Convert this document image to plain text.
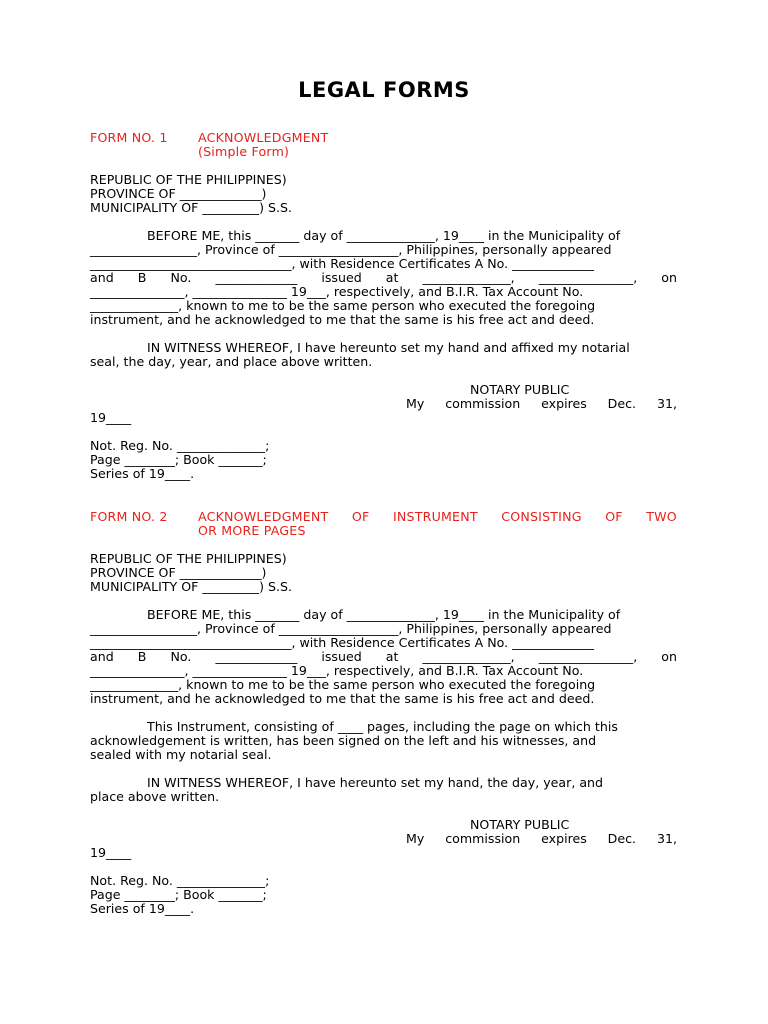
LEGAL FORMS
FORM NO. 1	ACKNOWLEDGMENT
(Simple Form)
REPUBLIC OF THE PHILIPPINES)
PROVINCE OF _____________)
MUNICIPALITY OF _________) S.S.
BEFORE ME, this _______ day of ______________, 19____ in the Municipality of
_________________, Province of ___________________, Philippines, personally appeared
________________________________, with Residence Certificates A No. _____________
and B No. _____________ issued at ______________, _______________, on
_______________, _______________ 19___, respectively, and B.I.R. Tax Account No.
______________, known to me to be the same person who executed the foregoing
instrument, and he acknowledged to me that the same is his free act and deed.
IN WITNESS WHEREOF, I have hereunto set my hand and affixed my notarial
seal, the day, year, and place above written.
NOTARY PUBLIC
My commission expires Dec. 31,
19____
Not. Reg. No. ______________;
Page ________; Book _______;
Series of 19____.
FORM NO. 2	ACKNOWLEDGMENT OF INSTRUMENT CONSISTING OF TWO
OR MORE PAGES
REPUBLIC OF THE PHILIPPINES)
PROVINCE OF _____________)
MUNICIPALITY OF _________) S.S.
BEFORE ME, this _______ day of ______________, 19____ in the Municipality of
_________________, Province of ___________________, Philippines, personally appeared
________________________________, with Residence Certificates A No. _____________
and B No. _____________ issued at ______________, _______________, on
_______________, _______________ 19___, respectively, and B.I.R. Tax Account No.
______________, known to me to be the same person who executed the foregoing
instrument, and he acknowledged to me that the same is his free act and deed.
This Instrument, consisting of ____ pages, including the page on which this
acknowledgement is written, has been signed on the left and his witnesses, and
sealed with my notarial seal.
IN WITNESS WHEREOF, I have hereunto set my hand, the day, year, and
place above written.
NOTARY PUBLIC
My commission expires Dec. 31,
19____
Not. Reg. No. ______________;
Page ________; Book _______;
Series of 19____.
